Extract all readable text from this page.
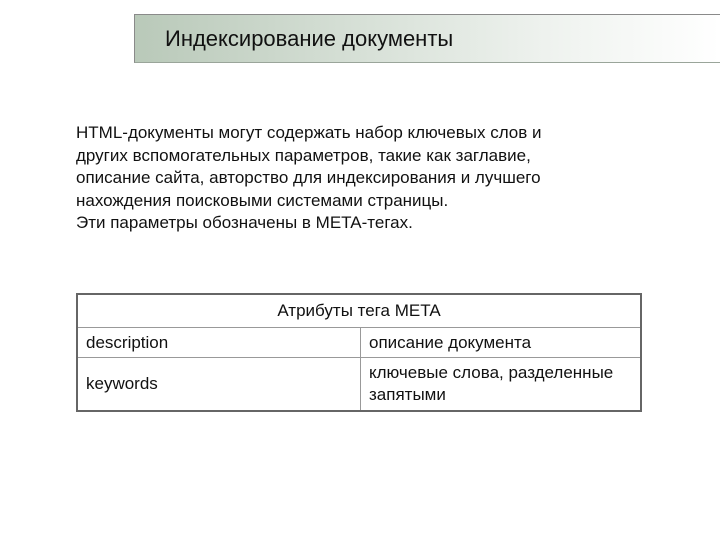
Индексирование документы
HTML-документы могут содержать набор ключевых слов и
других вспомогательных параметров, такие как заглавие,
описание сайта, авторство для индексирования и лучшего
нахождения поисковыми системами страницы.
Эти параметры обозначены в META-тегах.
Атрибуты тега META	
description	описание документа
keywords	ключевые слова, разделенные запятыми
